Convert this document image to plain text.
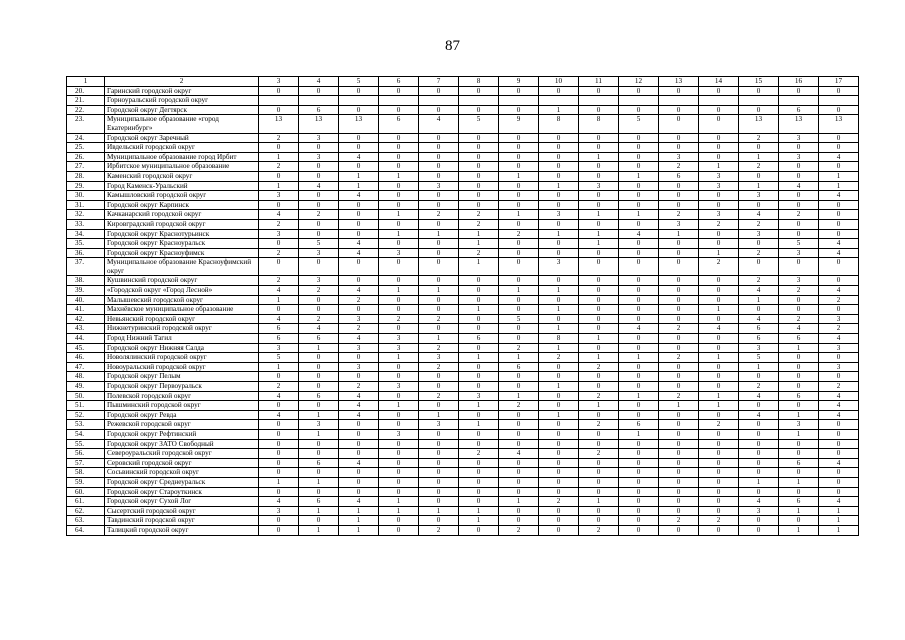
87
1	2	3	4	5	6	7	8	9	10	11	12	13	14	15	16	17
20.	Гаринский городской округ	0	0	0	0	0	0	0	0	0	0	0	0	0	0	0
21.	Горноуральский городской округ															
22.	Городской округ Дегтярск	0	6	0	0	0	0	0	1	0	0	0	0	0	6	0
23.	Муниципальное образование «город Екатеринбург»	13	13	13	6	4	5	9	8	8	5	0	0	13	13	13
24.	Городской округ Заречный	2	3	0	0	0	0	0	0	0	0	0	0	2	3	0
25.	Ивдельский городской округ	0	0	0	0	0	0	0	0	0	0	0	0	0	0	0
26.	Муниципальное образование город Ирбит	1	3	4	0	0	0	0	0	1	0	3	0	1	3	4
27.	Ирбитское муниципальное образование	2	0	0	0	0	0	0	0	0	0	2	1	2	0	0
28.	Каменский городской округ	0	0	1	1	0	0	1	0	0	1	6	3	0	0	1
29.	Город Каменск-Уральский	1	4	1	0	3	0	0	1	3	0	0	3	1	4	1
30.	Камышловский городской округ	3	0	4	0	0	0	0	0	0	0	0	0	3	0	4
31.	Городской округ Карпинск	0	0	0	0	0	0	0	0	0	0	0	0	0	0	0
32.	Качканарский городской округ	4	2	0	1	2	2	1	3	1	1	2	3	4	2	0
33.	Кировградский городской округ	2	0	0	0	0	2	0	0	0	0	3	2	2	0	0
34.	Городской округ Краснотурьинск	3	0	0	1	1	1	2	1	1	4	1	0	3	0	0
35.	Городской округ Красноуральск	0	5	4	0	0	1	0	0	1	0	0	0	0	5	4
36.	Городской округ Красноуфимск	2	3	4	3	0	2	0	0	0	0	0	1	2	3	4
37.	Муниципальное образование Красноуфимский округ	0	0	0	0	0	1	0	3	0	0	0	2	0	0	0
38.	Кушвинский городской округ	2	3	0	0	0	0	0	0	0	0	0	0	2	3	0
39.	«Городской округ «Город Лесной»	4	2	4	1	1	0	1	1	0	0	0	0	4	2	4
40.	Малышевский городской округ	1	0	2	0	0	0	0	0	0	0	0	0	1	0	2
41.	Махнёвское муниципальное образование	0	0	0	0	0	1	0	1	0	0	0	1	0	0	0
42.	Невьянский городской округ	4	2	3	2	2	0	5	0	0	0	0	0	4	2	3
43.	Нижнетуринский городской округ	6	4	2	0	0	0	0	1	0	4	2	4	6	4	2
44.	Город Нижний Тагил	6	6	4	3	1	6	0	8	1	0	0	0	6	6	4
45.	Городской округ Нижняя Салда	3	1	3	3	2	0	2	1	0	0	0	0	3	1	3
46.	Новолялинский городской округ	5	0	0	1	3	1	1	2	1	1	2	1	5	0	0
47.	Новоуральский городской округ	1	0	3	0	2	0	6	0	2	0	0	0	1	0	3
48.	Городской округ Пелым	0	0	0	0	0	0	0	0	0	0	0	0	0	0	0
49.	Городской округ Первоуральск	2	0	2	3	0	0	0	1	0	0	0	0	2	0	2
50.	Полевской городской округ	4	6	4	0	2	3	1	0	2	1	2	1	4	6	4
51.	Пышминский городской округ	0	0	4	1	0	1	2	0	1	0	1	1	0	0	4
52.	Городской округ Ревда	4	1	4	0	1	0	0	1	0	0	0	0	4	1	4
53.	Режевской городской округ	0	3	0	0	3	1	0	0	2	6	0	2	0	3	0
54.	Городской округ Рефтинский	0	1	0	3	0	0	0	0	0	1	0	0	0	1	0
55.	Городской округ ЗАТО Свободный	0	0	0	0	0	0	0	0	0	0	0	0	0	0	0
56.	Североуральский городской округ	0	0	0	0	0	2	4	0	2	0	0	0	0	0	0
57.	Серовский городской округ	0	6	4	0	0	0	0	0	0	0	0	0	0	6	4
58.	Сосьвинский городской округ	0	0	0	0	0	0	0	0	0	0	0	0	0	0	0
59.	Городской округ Среднеуральск	1	1	0	0	0	0	0	0	0	0	0	0	1	1	0
60.	Городской округ Староуткинск	0	0	0	0	0	0	0	0	0	0	0	0	0	0	0
61.	Городской округ Сухой Лог	4	6	4	1	0	0	1	2	1	0	0	0	4	6	4
62.	Сысертский городской округ	3	1	1	1	1	1	0	0	0	0	0	0	3	1	1
63.	Тавдинский городской округ	0	0	1	0	0	1	0	0	0	0	2	2	0	0	1
64.	Талицкий городской округ	0	1	1	0	2	0	2	0	2	0	0	0	0	1	1
